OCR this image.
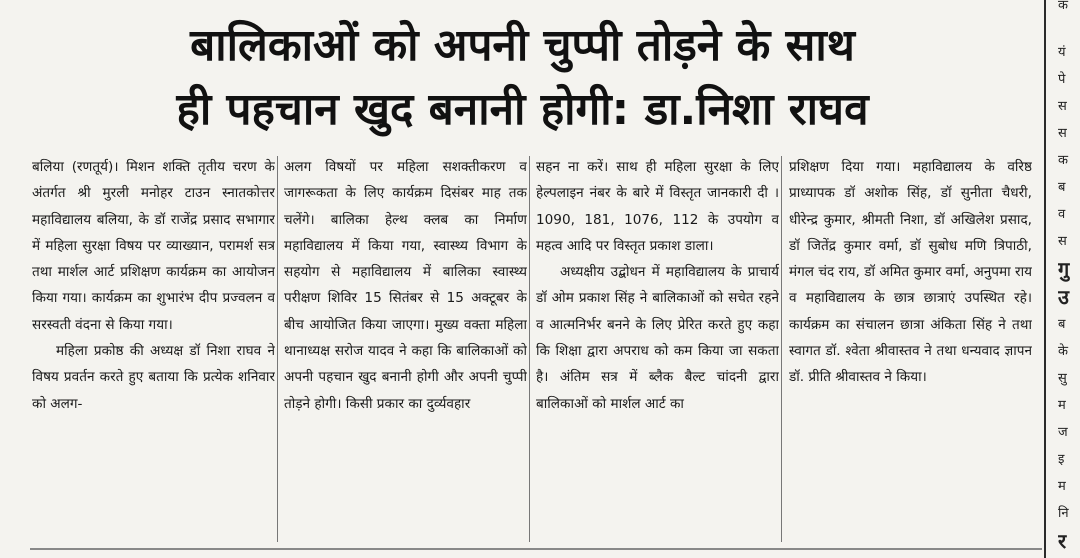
बालिकाओं को अपनी चुप्पी तोड़ने के साथ
ही पहचान खुद बनानी होगी: डा.निशा राघव

बलिया (रणतूर्य)। मिशन शक्ति तृतीय चरण के अंतर्गत श्री मुरली मनोहर टाउन स्नातकोत्तर महाविद्यालय बलिया, के डॉ राजेंद्र प्रसाद सभागार में महिला सुरक्षा विषय पर व्याख्यान, परामर्श सत्र तथा मार्शल आर्ट प्रशिक्षण कार्यक्रम का आयोजन किया गया। कार्यक्रम का शुभारंभ दीप प्रज्वलन व सरस्वती वंदना से किया गया।

महिला प्रकोष्ठ की अध्यक्ष डॉ निशा राघव ने विषय प्रवर्तन करते हुए बताया कि प्रत्येक शनिवार को अलग-

अलग विषयों पर महिला सशक्तीकरण व जागरूकता के लिए कार्यक्रम दिसंबर माह तक चलेंगे। बालिका हेल्थ क्लब का निर्माण महाविद्यालय में किया गया, स्वास्थ्य विभाग के सहयोग से महाविद्यालय में बालिका स्वास्थ्य परीक्षण शिविर 15 सितंबर से 15 अक्टूबर के बीच आयोजित किया जाएगा। मुख्य वक्ता महिला थानाध्यक्ष सरोज यादव ने कहा कि बालिकाओं को अपनी पहचान खुद बनानी होगी और अपनी चुप्पी तोड़ने होगी। किसी प्रकार का दुर्व्यवहार

सहन ना करें। साथ ही महिला सुरक्षा के लिए हेल्पलाइन नंबर के बारे में विस्तृत जानकारी दी । 1090, 181, 1076, 112 के उपयोग व महत्व आदि पर विस्तृत प्रकाश डाला।

अध्यक्षीय उद्बोधन में महाविद्यालय के प्राचार्य डॉ ओम प्रकाश सिंह ने बालिकाओं को सचेत रहने व आत्मनिर्भर बनने के लिए प्रेरित करते हुए कहा कि शिक्षा द्वारा अपराध को कम किया जा सकता है। अंतिम सत्र में ब्लैक बैल्ट चांदनी द्वारा बालिकाओं को मार्शल आर्ट का

प्रशिक्षण दिया गया। महाविद्यालय के वरिष्ठ प्राध्यापक डॉ अशोक सिंह, डॉ सुनीता चैधरी, धीरेन्द्र कुमार, श्रीमती निशा, डॉ अखिलेश प्रसाद, डॉ जितेंद्र कुमार वर्मा, डॉ सुबोध मणि त्रिपाठी, मंगल चंद राय, डॉ अमित कुमार वर्मा, अनुपमा राय व महाविद्यालय के छात्र छात्राएं उपस्थित रहे। कार्यक्रम का संचालन छात्रा अंकिता सिंह ने तथा स्वागत डॉ. श्वेता श्रीवास्तव ने तथा धन्यवाद ज्ञापन डॉ. प्रीति श्रीवास्तव ने किया।

क
यं
पे
स
स
क
ब
व
स
गु
उ
ब
के
सु
म
ज
इ
म
नि
र
